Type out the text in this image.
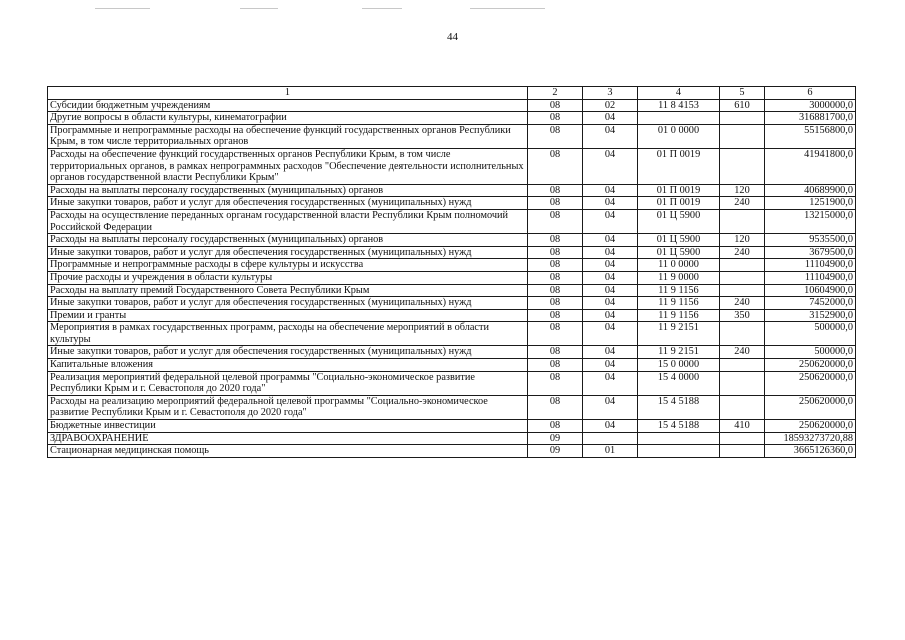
44
1	2	3	4	5	6
Субсидии бюджетным учреждениям	08	02	11 8 4153	610	3000000,0
Другие вопросы в области культуры, кинематографии	08	04			316881700,0
Программные и непрограммные расходы на обеспечение функций государственных органов Республики Крым, в том числе территориальных органов	08	04	01 0 0000		55156800,0
Расходы на обеспечение функций государственных органов Республики Крым, в том числе территориальных органов, в рамках непрограммных расходов "Обеспечение деятельности исполнительных органов государственной власти Республики Крым"	08	04	01 П 0019		41941800,0
Расходы на выплаты персоналу государственных (муниципальных) органов	08	04	01 П 0019	120	40689900,0
Иные закупки товаров, работ и услуг для обеспечения государственных (муниципальных) нужд	08	04	01 П 0019	240	1251900,0
Расходы на осуществление переданных органам государственной власти Республики Крым полномочий Российской Федерации	08	04	01 Ц 5900		13215000,0
Расходы на выплаты персоналу государственных (муниципальных) органов	08	04	01 Ц 5900	120	9535500,0
Иные закупки товаров, работ и услуг для обеспечения государственных (муниципальных) нужд	08	04	01 Ц 5900	240	3679500,0
Программные и непрограммные расходы в сфере культуры и искусства	08	04	11 0 0000		11104900,0
Прочие расходы и учреждения в области культуры	08	04	11 9 0000		11104900,0
Расходы на выплату премий Государственного Совета Республики Крым	08	04	11 9 1156		10604900,0
Иные закупки товаров, работ и услуг для обеспечения государственных (муниципальных) нужд	08	04	11 9 1156	240	7452000,0
Премии и гранты	08	04	11 9 1156	350	3152900,0
Мероприятия в рамках государственных программ, расходы на обеспечение мероприятий в области культуры	08	04	11 9 2151		500000,0
Иные закупки товаров, работ и услуг для обеспечения государственных (муниципальных) нужд	08	04	11 9 2151	240	500000,0
Капитальные вложения	08	04	15 0 0000		250620000,0
Реализация мероприятий федеральной целевой программы "Социально-экономическое развитие Республики Крым и г. Севастополя до 2020 года"	08	04	15 4 0000		250620000,0
Расходы на реализацию мероприятий федеральной целевой программы "Социально-экономическое развитие Республики Крым и г. Севастополя до 2020 года"	08	04	15 4 5188		250620000,0
Бюджетные инвестиции	08	04	15 4 5188	410	250620000,0
ЗДРАВООХРАНЕНИЕ	09				18593273720,88
Стационарная медицинская помощь	09	01			3665126360,0
